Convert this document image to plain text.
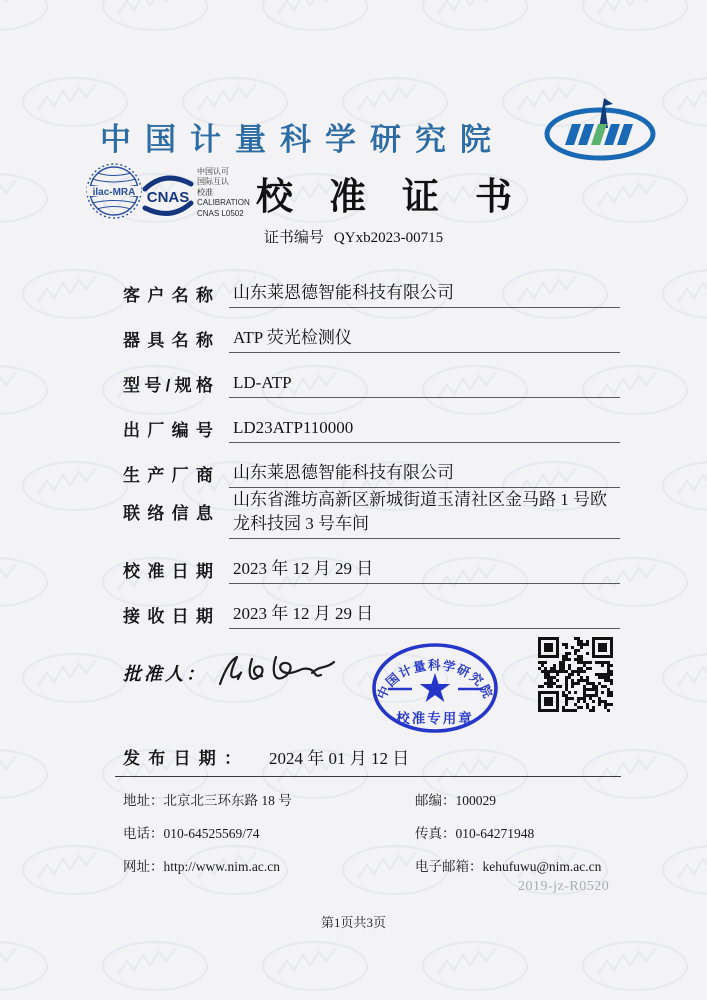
中国计量科学研究院
ilac-MRA CNAS
中国认可
国际互认
校准
CALIBRATION
CNAS L0502 校准证书
证书编号 QYxb2023-00715
客户名称 山东莱恩德智能科技有限公司
器具名称 ATP 荧光检测仪
型号/规格 LD-ATP
出厂编号 LD23ATP110000
生产厂商 山东莱恩德智能科技有限公司
联络信息
山东省潍坊高新区新城街道玉清社区金马路 1 号欧龙科技园 3 号车间
校准日期 2023 年 12 月 29 日
接收日期 2023 年 12 月 29 日
批准人：
中国计量科学研究院
校准专用章
发布日期： 2024 年 01 月 12 日
地址：北京北三环东路 18 号	邮编：100029
电话：010-64525569/74	传真：010-64271948
网址：http://www.nim.ac.cn	电子邮箱：kehufuwu@nim.ac.cn
2019-jz-R0520
第1页共3页
